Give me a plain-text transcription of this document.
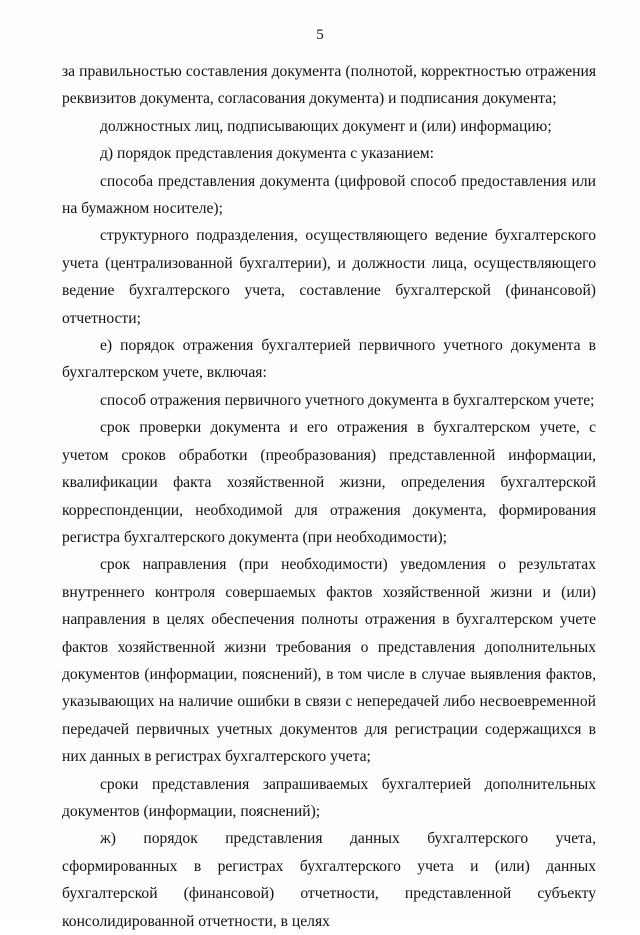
5

за правильностью составления документа (полнотой, корректностью отражения реквизитов документа, согласования документа) и подписания документа;

должностных лиц, подписывающих документ и (или) информацию;

д) порядок представления документа с указанием:

способа представления документа (цифровой способ предоставления или на бумажном носителе);

структурного подразделения, осуществляющего ведение бухгалтерского учета (централизованной бухгалтерии), и должности лица, осуществляющего ведение бухгалтерского учета, составление бухгалтерской (финансовой) отчетности;

е) порядок отражения бухгалтерией первичного учетного документа в бухгалтерском учете, включая:

способ отражения первичного учетного документа в бухгалтерском учете;

срок проверки документа и его отражения в бухгалтерском учете, с учетом сроков обработки (преобразования) представленной информации, квалификации факта хозяйственной жизни, определения бухгалтерской корреспонденции, необходимой для отражения документа, формирования регистра бухгалтерского документа (при необходимости);

срок направления (при необходимости) уведомления о результатах внутреннего контроля совершаемых фактов хозяйственной жизни и (или) направления в целях обеспечения полноты отражения в бухгалтерском учете фактов хозяйственной жизни требования о представления дополнительных документов (информации, пояснений), в том числе в случае выявления фактов, указывающих на наличие ошибки в связи с непередачей либо несвоевременной передачей первичных учетных документов для регистрации содержащихся в них данных в регистрах бухгалтерского учета;

сроки представления запрашиваемых бухгалтерией дополнительных документов (информации, пояснений);

ж) порядок представления данных бухгалтерского учета, сформированных в регистрах бухгалтерского учета и (или) данных бухгалтерской (финансовой) отчетности, представленной субъекту консолидированной отчетности, в целях
